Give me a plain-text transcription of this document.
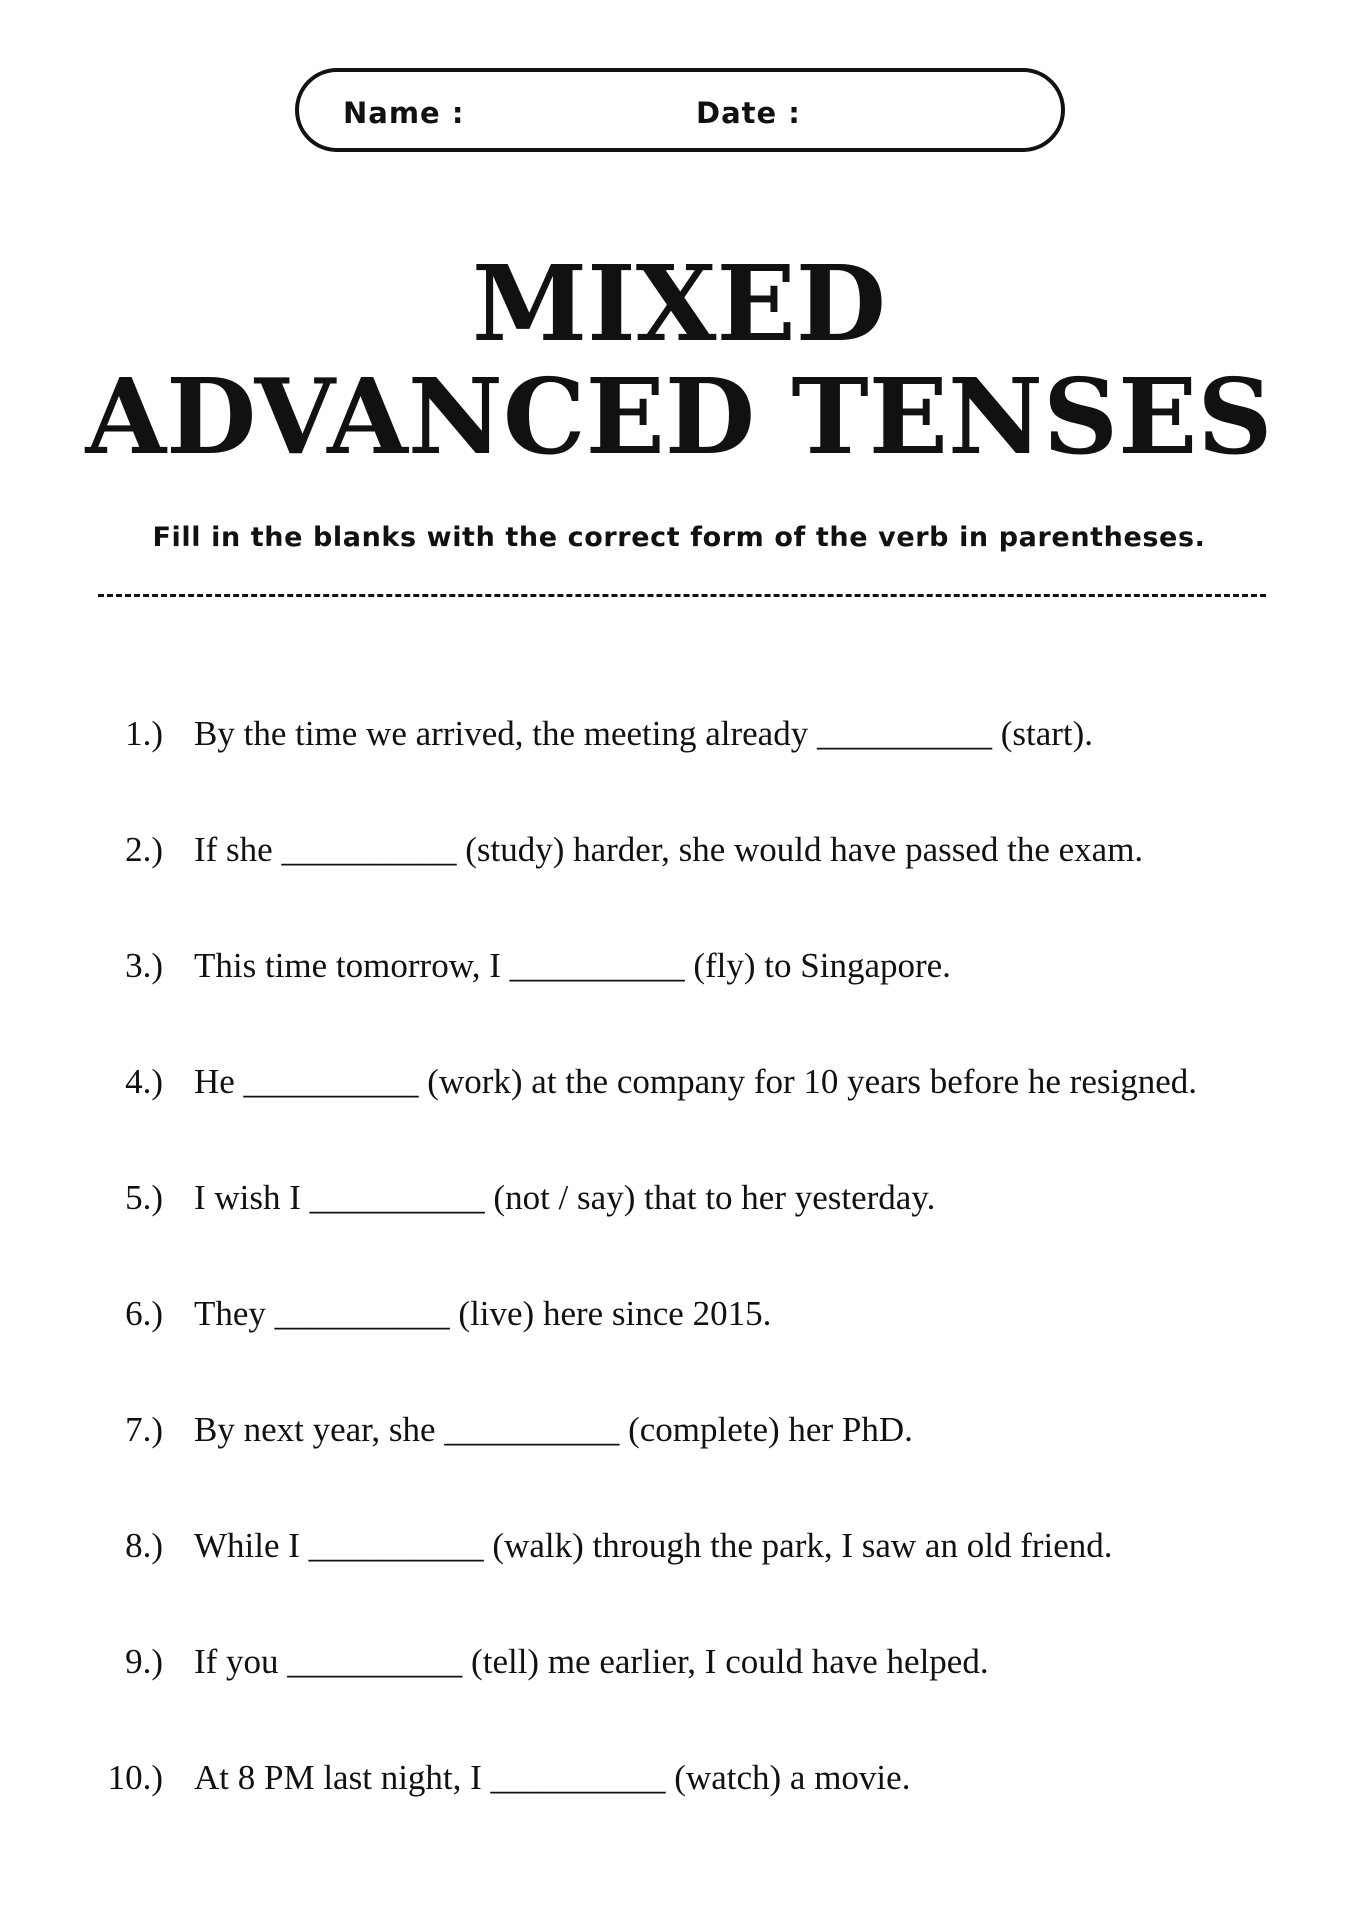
Name :	Date :
MIXED
ADVANCED TENSES
Fill in the blanks with the correct form of the verb in parentheses.
1.) By the time we arrived, the meeting already __________ (start).
2.) If she __________ (study) harder, she would have passed the exam.
3.) This time tomorrow, I __________ (fly) to Singapore.
4.) He __________ (work) at the company for 10 years before he resigned.
5.) I wish I __________ (not / say) that to her yesterday.
6.) They __________ (live) here since 2015.
7.) By next year, she __________ (complete) her PhD.
8.) While I __________ (walk) through the park, I saw an old friend.
9.) If you __________ (tell) me earlier, I could have helped.
10.) At 8 PM last night, I __________ (watch) a movie.
